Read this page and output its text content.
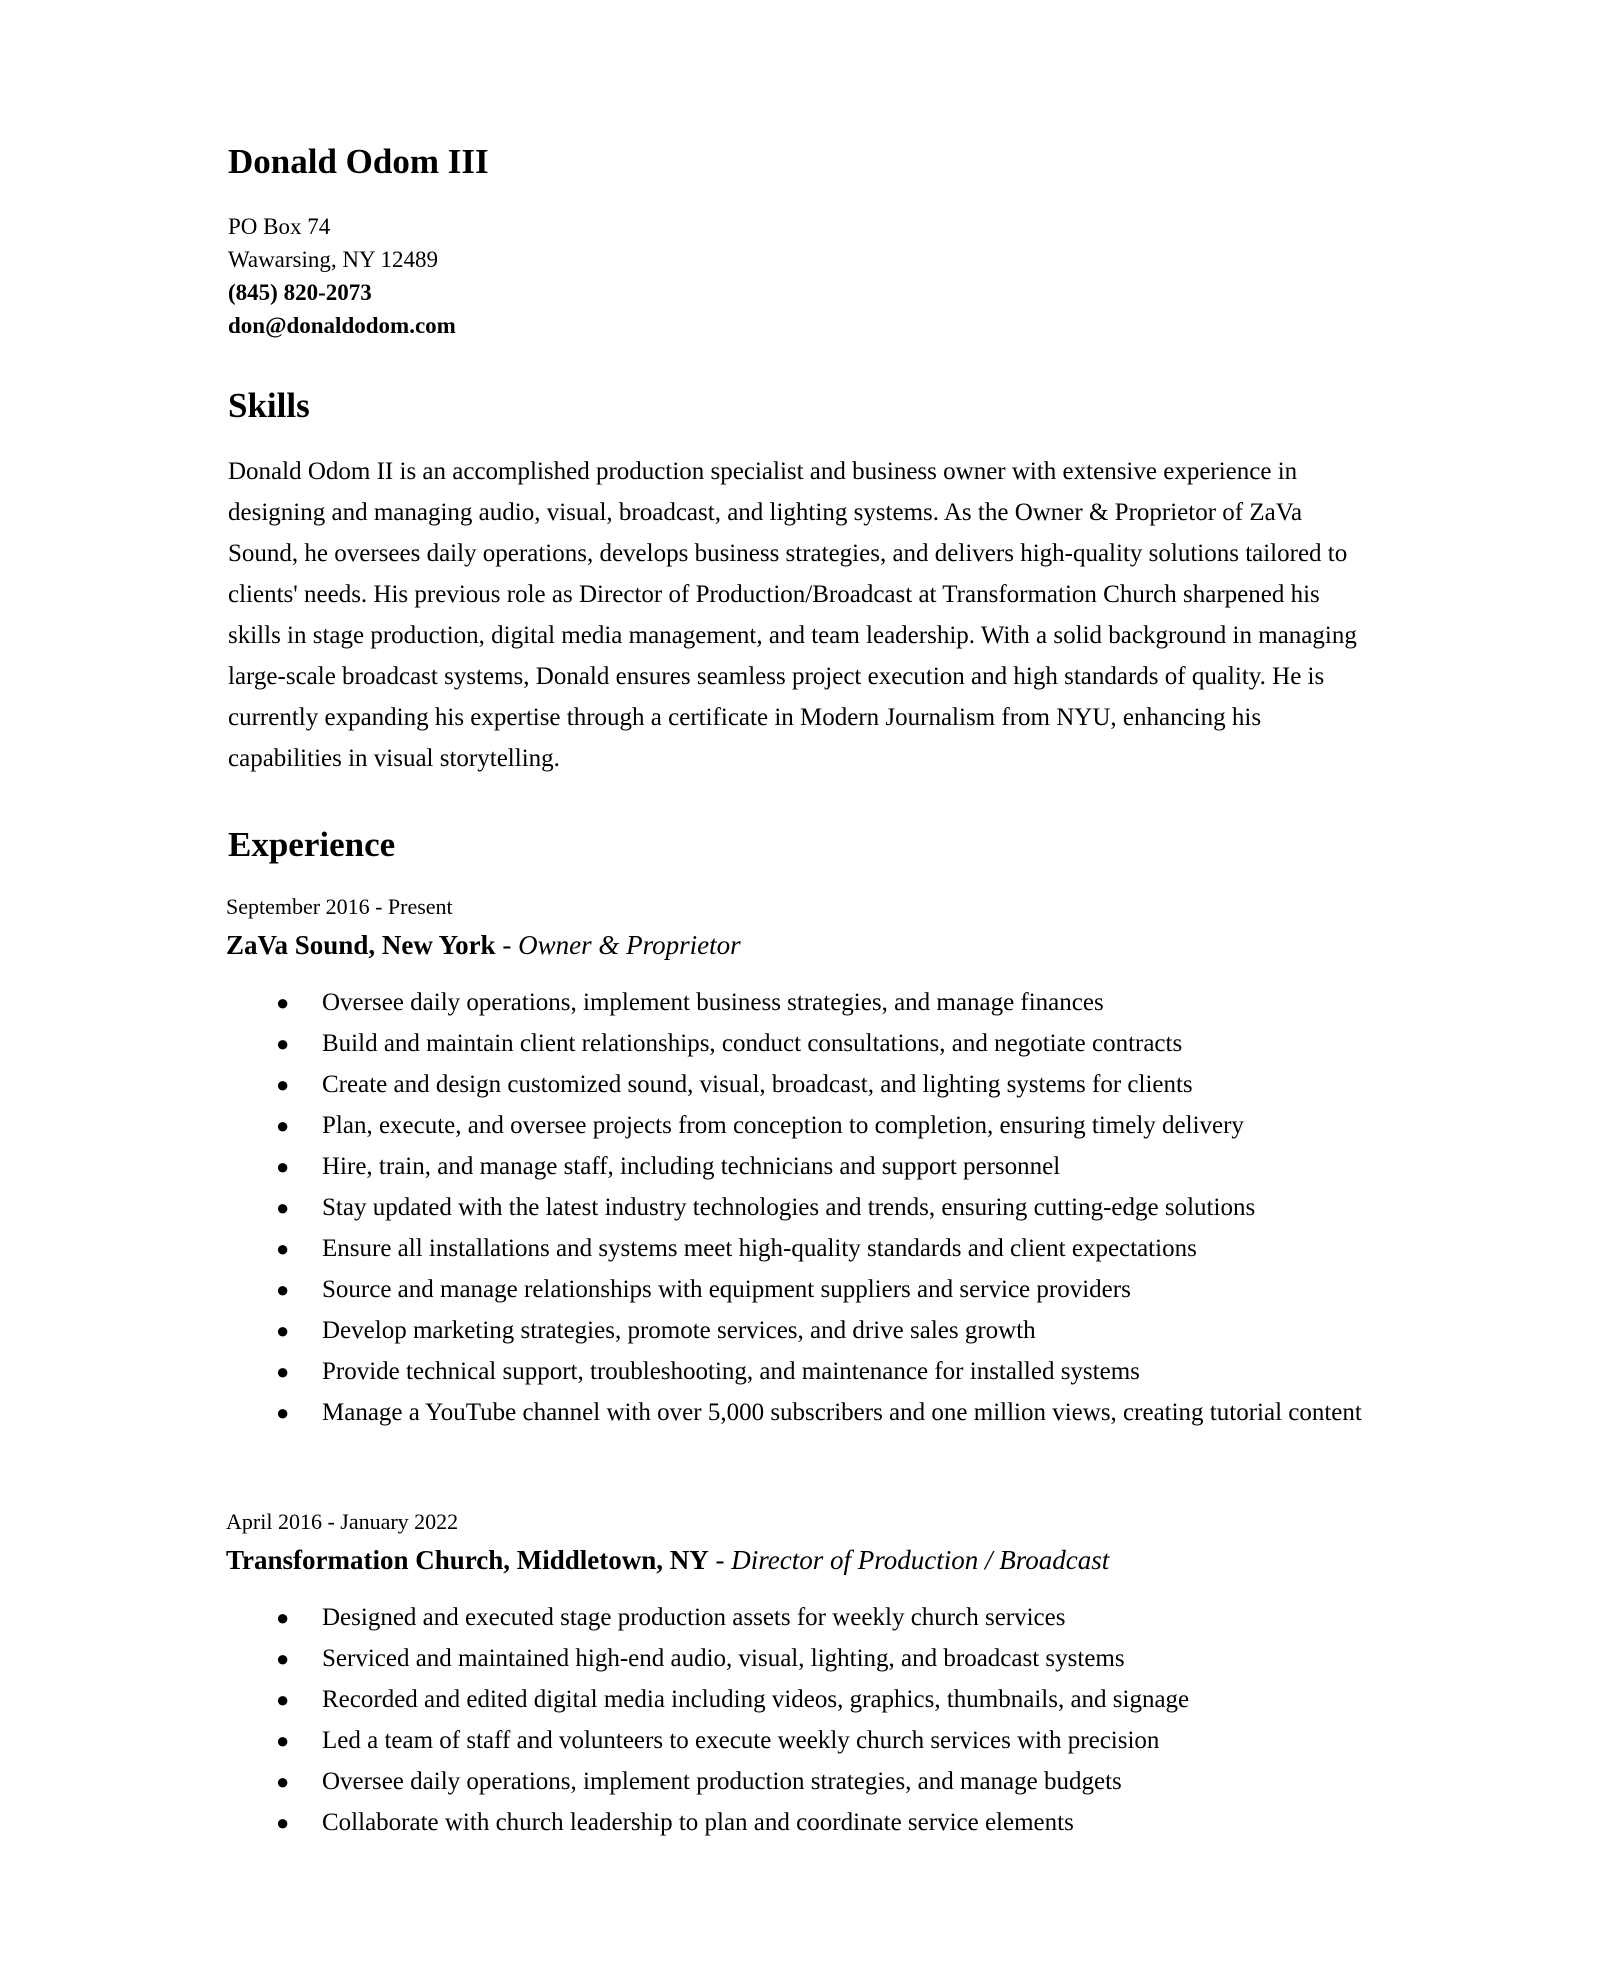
Donald Odom III
PO Box 74
Wawarsing, NY 12489
(845) 820-2073
don@donaldodom.com
Skills

Donald Odom II is an accomplished production specialist and business owner with extensive experience in designing and managing audio, visual, broadcast, and lighting systems. As the Owner & Proprietor of ZaVa Sound, he oversees daily operations, develops business strategies, and delivers high-quality solutions tailored to clients' needs. His previous role as Director of Production/Broadcast at Transformation Church sharpened his skills in stage production, digital media management, and team leadership. With a solid background in managing large-scale broadcast systems, Donald ensures seamless project execution and high standards of quality. He is currently expanding his expertise through a certificate in Modern Journalism from NYU, enhancing his capabilities in visual storytelling.

Experience
September 2016 - Present
ZaVa Sound, New York - Owner & Proprietor
● Oversee daily operations, implement business strategies, and manage finances
● Build and maintain client relationships, conduct consultations, and negotiate contracts
● Create and design customized sound, visual, broadcast, and lighting systems for clients
● Plan, execute, and oversee projects from conception to completion, ensuring timely delivery
● Hire, train, and manage staff, including technicians and support personnel
● Stay updated with the latest industry technologies and trends, ensuring cutting-edge solutions
● Ensure all installations and systems meet high-quality standards and client expectations
● Source and manage relationships with equipment suppliers and service providers
● Develop marketing strategies, promote services, and drive sales growth
● Provide technical support, troubleshooting, and maintenance for installed systems
● Manage a YouTube channel with over 5,000 subscribers and one million views, creating tutorial content
April 2016 - January 2022
Transformation Church, Middletown, NY - Director of Production / Broadcast
● Designed and executed stage production assets for weekly church services
● Serviced and maintained high-end audio, visual, lighting, and broadcast systems
● Recorded and edited digital media including videos, graphics, thumbnails, and signage
● Led a team of staff and volunteers to execute weekly church services with precision
● Oversee daily operations, implement production strategies, and manage budgets
● Collaborate with church leadership to plan and coordinate service elements
